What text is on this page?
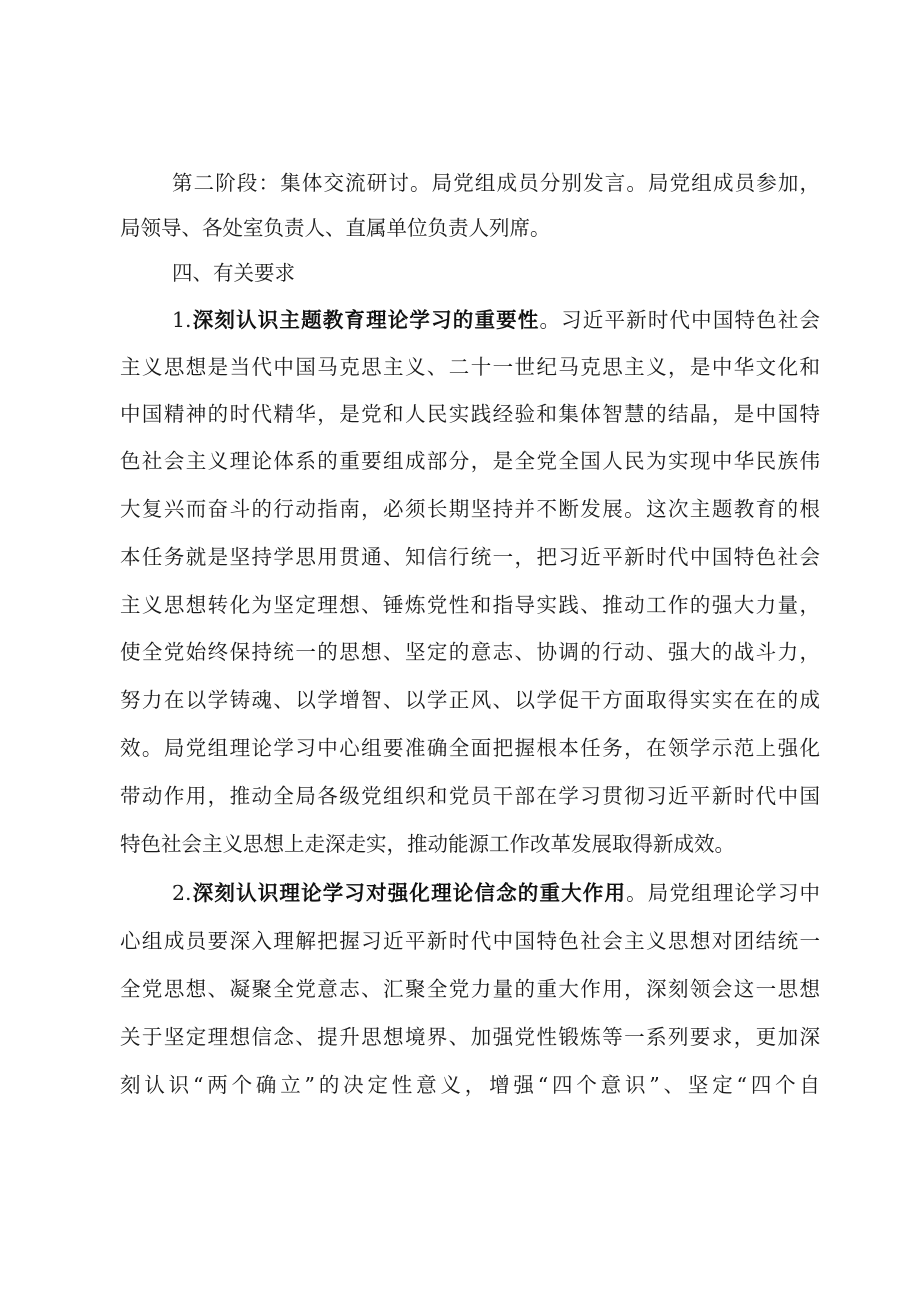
第二阶段：集体交流研讨。局党组成员分别发言。局党组成员参加，
局领导、各处室负责人、直属单位负责人列席。
四、有关要求
1.深刻认识主题教育理论学习的重要性。习近平新时代中国特色社会
主义思想是当代中国马克思主义、二十一世纪马克思主义，是中华文化和
中国精神的时代精华，是党和人民实践经验和集体智慧的结晶，是中国特
色社会主义理论体系的重要组成部分，是全党全国人民为实现中华民族伟
大复兴而奋斗的行动指南，必须长期坚持并不断发展。这次主题教育的根
本任务就是坚持学思用贯通、知信行统一，把习近平新时代中国特色社会
主义思想转化为坚定理想、锤炼党性和指导实践、推动工作的强大力量，
使全党始终保持统一的思想、坚定的意志、协调的行动、强大的战斗力，
努力在以学铸魂、以学增智、以学正风、以学促干方面取得实实在在的成
效。局党组理论学习中心组要准确全面把握根本任务，在领学示范上强化
带动作用，推动全局各级党组织和党员干部在学习贯彻习近平新时代中国
特色社会主义思想上走深走实，推动能源工作改革发展取得新成效。
2.深刻认识理论学习对强化理论信念的重大作用。局党组理论学习中
心组成员要深入理解把握习近平新时代中国特色社会主义思想对团结统一
全党思想、凝聚全党意志、汇聚全党力量的重大作用，深刻领会这一思想
关于坚定理想信念、提升思想境界、加强党性锻炼等一系列要求，更加深
刻认识“两个确立”的决定性意义，增强“四个意识”、坚定“四个自
